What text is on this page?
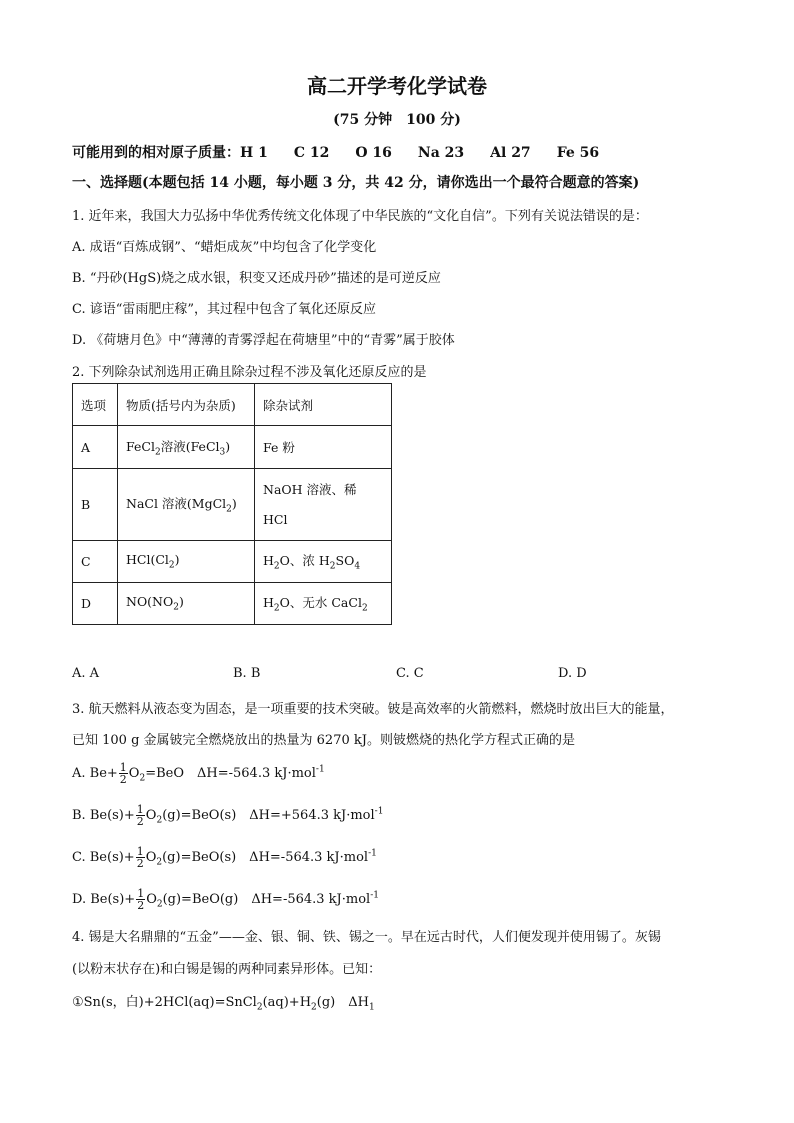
高二开学考化学试卷
(75 分钟　100 分)
可能用到的相对原子质量：H 1 C 12 O 16 Na 23 Al 27 Fe 56
一、选择题(本题包括 14 小题，每小题 3 分，共 42 分，请你选出一个最符合题意的答案)
1. 近年来，我国大力弘扬中华优秀传统文化体现了中华民族的“文化自信”。下列有关说法错误的是：
A. 成语“百炼成钢”、“蜡炬成灰”中均包含了化学变化
B. “丹砂(HgS)烧之成水银，积变又还成丹砂”描述的是可逆反应
C. 谚语“雷雨肥庄稼”，其过程中包含了氧化还原反应
D. 《荷塘月色》中“薄薄的青雾浮起在荷塘里”中的“青雾”属于胶体
2. 下列除杂试剂选用正确且除杂过程不涉及氧化还原反应的是
选项	物质(括号内为杂质)	除杂试剂
A	FeCl$_2$溶液(FeCl$_3$)	Fe 粉
B	NaCl 溶液(MgCl$_2$)	NaOH 溶液、稀
HCl

C	$HCl(Cl_2)$	$H_2O$、浓 $H_2SO_4$
D	$NO(NO_2)$	$H_2O$、无水 CaCl$_2$
A. A	B. B	C. C	D. D
3. 航天燃料从液态变为固态，是一项重要的技术突破。铍是高效率的火箭燃料，燃烧时放出巨大的能量，
已知 100 g 金属铍完全燃烧放出的热量为 6270 kJ。则铍燃烧的热化学方程式正确的是
A. $Be+ \frac{1}{2} O_2=BeO$　ΔH=-564.3 kJ·mol$^{-1}$
B. $Be(s)+ \frac{1}{2} O_2(g)=BeO(s)$　ΔH=+564.3 kJ·mol$^{-1}$
C. $Be(s)+ \frac{1}{2} O_2(g)=BeO(s)$　ΔH=-564.3 kJ·mol$^{-1}$
D. $Be(s)+ \frac{1}{2} O_2(g)=BeO(g)$　ΔH=-564.3 kJ·mol$^{-1}$
4. 锡是大名鼎鼎的“五金”——金、银、铜、铁、锡之一。早在远古时代，人们便发现并使用锡了。灰锡
(以粉末状存在)和白锡是锡的两种同素异形体。已知：
①Sn(s，白)$+2HCl(aq)=SnCl_2(aq)+H_2(g)$　$\Delta H_1$
